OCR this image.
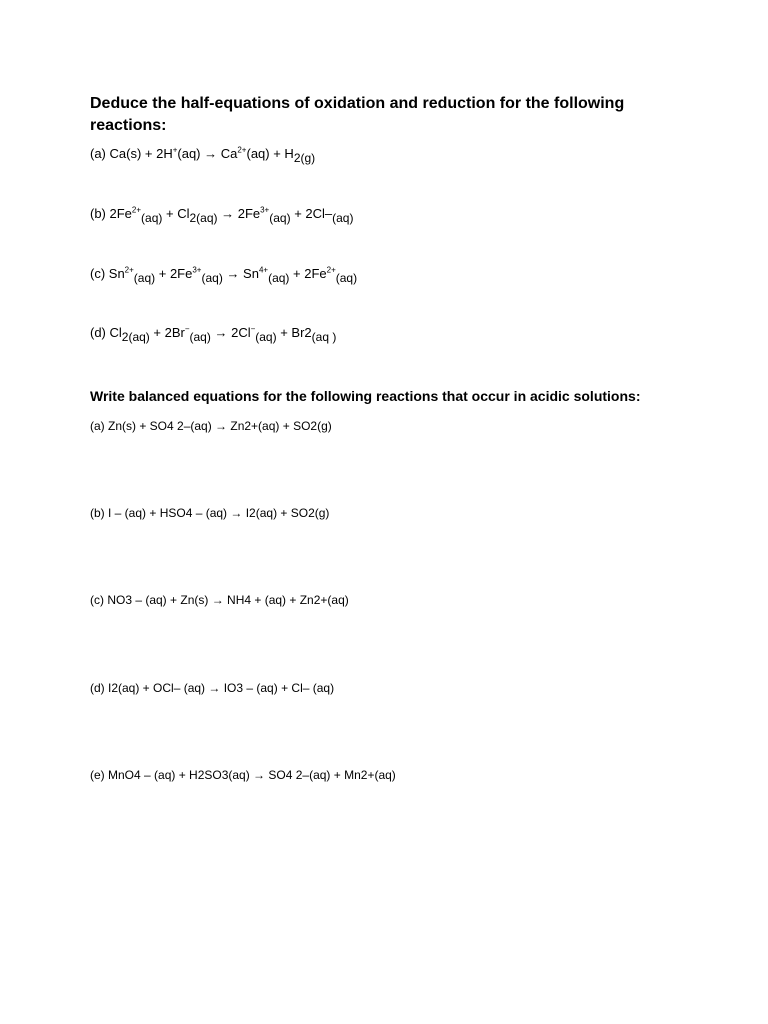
Deduce the half-equations of oxidation and reduction for the following reactions:
(a) $Ca(s) + 2H^+(aq) \to Ca^{2+}(aq) + H_{2(g)}$
(b) $2Fe^{2+}_{(aq)} + Cl_{2(aq)} \to 2Fe^{3+}_{(aq)} + 2Cl-_{(aq)}$
(c) $Sn^{2+}_{(aq)} + 2Fe^{3+}_{(aq)} \to Sn^{4+}_{(aq)} + 2Fe^{2+}_{(aq)}$
(d) $Cl_{2(aq)} + 2Br^-_{(aq)} \to 2Cl^-_{(aq)} + Br2_{(aq )}$
Write balanced equations for the following reactions that occur in acidic solutions:
(a) Zn(s) + SO4 2–(aq) → Zn2+(aq) + SO2(g)
(b) I – (aq) + HSO4 – (aq) → I2(aq) + SO2(g)
(c) NO3 – (aq) + Zn(s) → NH4 + (aq) + Zn2+(aq)
(d) I2(aq) + OCl– (aq) → IO3 – (aq) + Cl– (aq)
(e) MnO4 – (aq) + H2SO3(aq) → SO4 2–(aq) + Mn2+(aq)
